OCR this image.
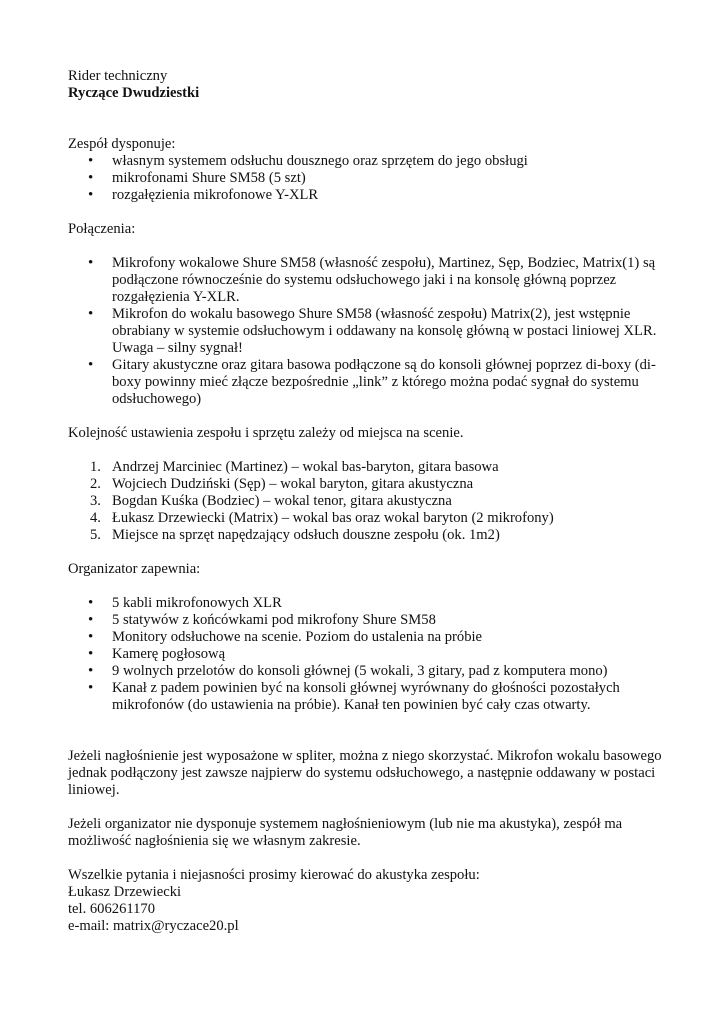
Rider techniczny

Ryczące Dwudziestki

Zespół dysponuje:

• własnym systemem odsłuchu dousznego oraz sprzętem do jego obsługi
• mikrofonami Shure SM58 (5 szt)
• rozgałęzienia mikrofonowe Y-XLR

Połączenia:

• Mikrofony wokalowe Shure SM58 (własność zespołu), Martinez, Sęp, Bodziec, Matrix(1) są podłączone równocześnie do systemu odsłuchowego jaki i na konsolę główną poprzez rozgałęzienia Y-XLR.
• Mikrofon do wokalu basowego Shure SM58 (własność zespołu) Matrix(2), jest wstępnie obrabiany w systemie odsłuchowym i oddawany na konsolę główną w postaci liniowej XLR. Uwaga – silny sygnał!
• Gitary akustyczne oraz gitara basowa podłączone są do konsoli głównej poprzez di-boxy (di-boxy powinny mieć złącze bezpośrednie „link” z którego można podać sygnał do systemu odsłuchowego)

Kolejność ustawienia zespołu i sprzętu zależy od miejsca na scenie.

1. Andrzej Marciniec (Martinez) – wokal bas-baryton, gitara basowa
2. Wojciech Dudziński (Sęp) – wokal baryton, gitara akustyczna
3. Bogdan Kuśka (Bodziec) – wokal tenor, gitara akustyczna
4. Łukasz Drzewiecki (Matrix) – wokal bas oraz wokal baryton (2 mikrofony)
5. Miejsce na sprzęt napędzający odsłuch douszne zespołu (ok. 1m2)

Organizator zapewnia:

• 5 kabli mikrofonowych XLR
• 5 statywów z końcówkami pod mikrofony Shure SM58
• Monitory odsłuchowe na scenie. Poziom do ustalenia na próbie
• Kamerę pogłosową
• 9 wolnych przelotów do konsoli głównej (5 wokali, 3 gitary, pad z komputera mono)
• Kanał z padem powinien być na konsoli głównej wyrównany do głośności pozostałych mikrofonów (do ustawienia na próbie). Kanał ten powinien być cały czas otwarty.

Jeżeli nagłośnienie jest wyposażone w spliter, można z niego skorzystać. Mikrofon wokalu basowego jednak podłączony jest zawsze najpierw do systemu odsłuchowego, a następnie oddawany w postaci liniowej.

Jeżeli organizator nie dysponuje systemem nagłośnieniowym (lub nie ma akustyka), zespół ma możliwość nagłośnienia się we własnym zakresie.

Wszelkie pytania i niejasności prosimy kierować do akustyka zespołu:

Łukasz Drzewiecki

tel. 606261170

e-mail: matrix@ryczace20.pl
